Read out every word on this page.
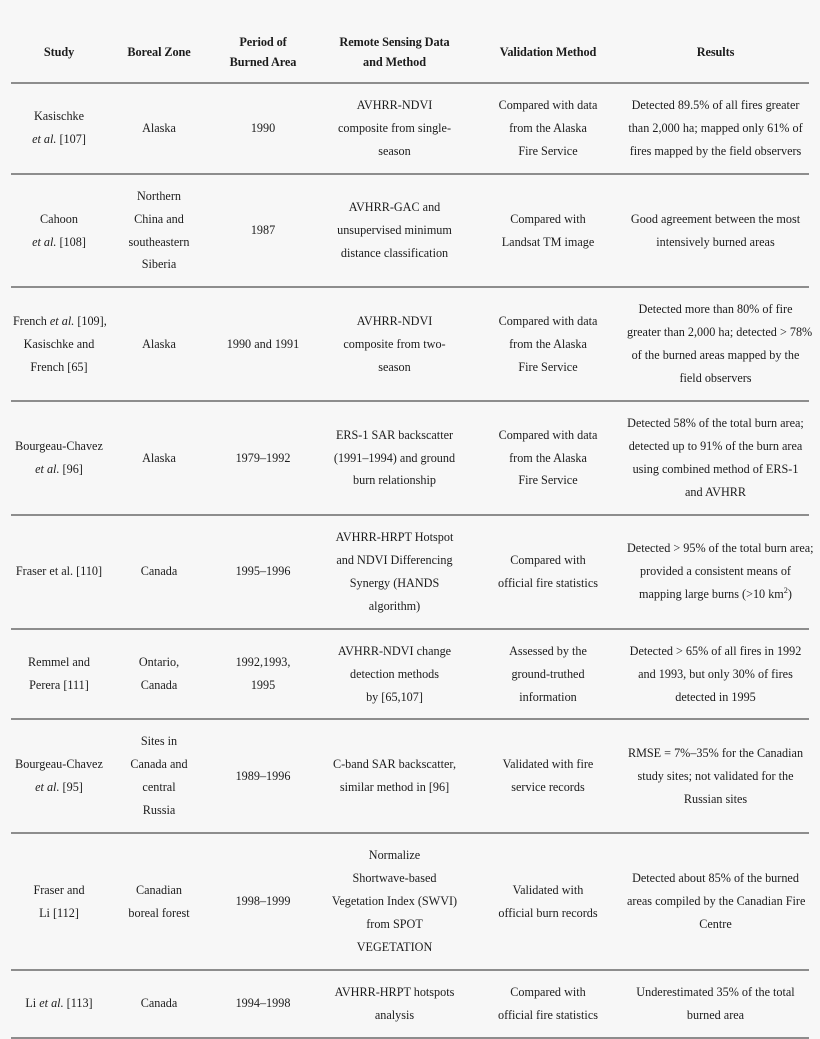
Study	Boreal Zone	Period of
Burned Area	Remote Sensing Data
and Method	Validation Method	Results

Kasischke
et al. [107]	Alaska	1990	AVHRR-NDVI
composite from single-
season	Compared with data
from the Alaska
Fire Service	Detected 89.5% of all fires greater
than 2,000 ha; mapped only 61% of
fires mapped by the field observers

Cahoon
et al. [108]	Northern
China and
southeastern
Siberia	1987	AVHRR-GAC and
unsupervised minimum
distance classification	Compared with
Landsat TM image	Good agreement between the most
intensively burned areas

French et al. [109],
Kasischke and
French [65]	Alaska	1990 and 1991	AVHRR-NDVI
composite from two-
season	Compared with data
from the Alaska
Fire Service	Detected more than 80% of fire
greater than 2,000 ha; detected > 78%
of the burned areas mapped by the
field observers

Bourgeau-Chavez
et al. [96]	Alaska	1979–1992	ERS-1 SAR backscatter
(1991–1994) and ground
burn relationship	Compared with data
from the Alaska
Fire Service	Detected 58% of the total burn area;
detected up to 91% of the burn area
using combined method of ERS-1
and AVHRR

Fraser et al. [110]	Canada	1995–1996	AVHRR-HRPT Hotspot
and NDVI Differencing
Synergy (HANDS
algorithm)	Compared with
official fire statistics	Detected > 95% of the total burn area;
provided a consistent means of
mapping large burns (>10 $km^2$)

Remmel and
Perera [111]	Ontario,
Canada	1992,1993,
1995	AVHRR-NDVI change
detection methods
by [65,107]	Assessed by the
ground-truthed
information	Detected > 65% of all fires in 1992
and 1993, but only 30% of fires
detected in 1995

Bourgeau-Chavez
et al. [95]	Sites in
Canada and
central
Russia	1989–1996	C-band SAR backscatter,
similar method in [96]	Validated with fire
service records	RMSE = 7%–35% for the Canadian
study sites; not validated for the
Russian sites

Fraser and
Li [112]	Canadian
boreal forest	1998–1999	Normalize
Shortwave-based
Vegetation Index (SWVI)
from SPOT
VEGETATION	Validated with
official burn records	Detected about 85% of the burned
areas compiled by the Canadian Fire
Centre

Li et al. [113]	Canada	1994–1998	AVHRR-HRPT hotspots
analysis	Compared with
official fire statistics	Underestimated 35% of the total
burned area
